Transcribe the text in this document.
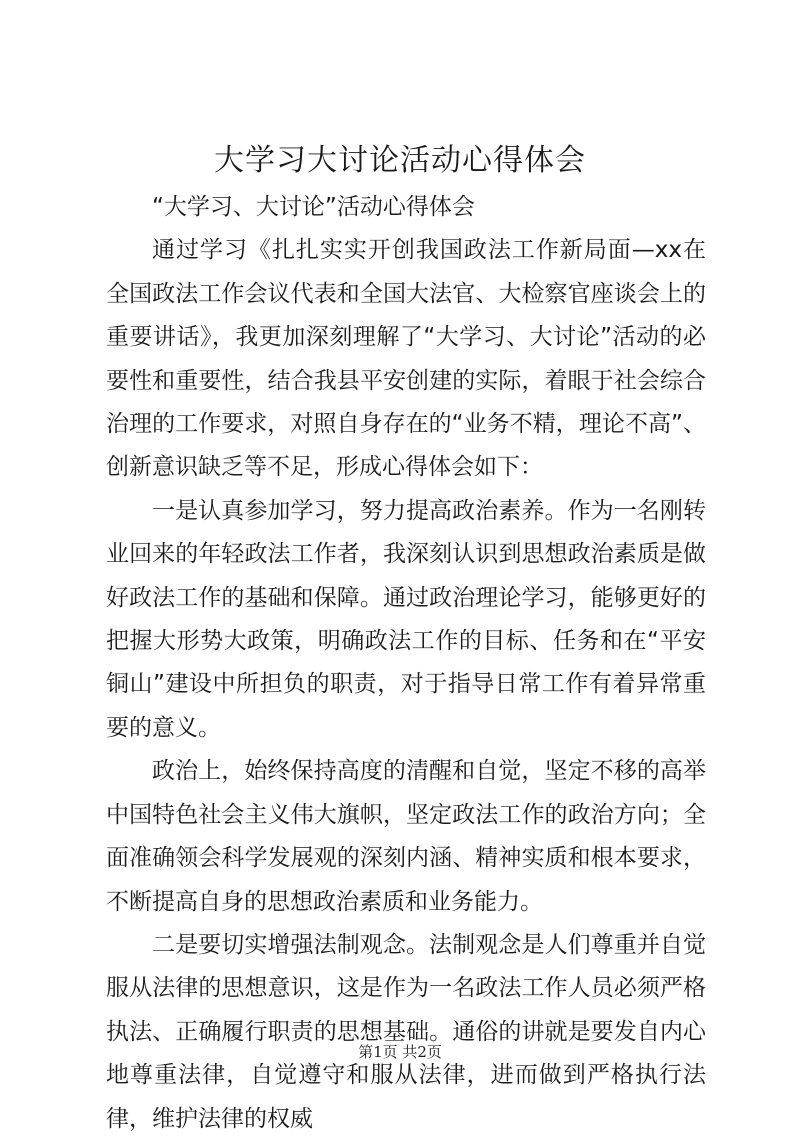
大学习大讨论活动心得体会

“大学习、大讨论”活动心得体会

通过学习《扎扎实实开创我国政法工作新局面—xx在全国政法工作会议代表和全国大法官、大检察官座谈会上的重要讲话》，我更加深刻理解了“大学习、大讨论”活动的必要性和重要性，结合我县平安创建的实际，着眼于社会综合治理的工作要求，对照自身存在的“业务不精，理论不高”、创新意识缺乏等不足，形成心得体会如下：

一是认真参加学习，努力提高政治素养。作为一名刚转业回来的年轻政法工作者，我深刻认识到思想政治素质是做好政法工作的基础和保障。通过政治理论学习，能够更好的把握大形势大政策，明确政法工作的目标、任务和在“平安铜山”建设中所担负的职责，对于指导日常工作有着异常重要的意义。

政治上，始终保持高度的清醒和自觉，坚定不移的高举中国特色社会主义伟大旗帜，坚定政法工作的政治方向；全面准确领会科学发展观的深刻内涵、精神实质和根本要求，不断提高自身的思想政治素质和业务能力。

二是要切实增强法制观念。法制观念是人们尊重并自觉服从法律的思想意识，这是作为一名政法工作人员必须严格执法、正确履行职责的思想基础。通俗的讲就是要发自内心地尊重法律，自觉遵守和服从法律，进而做到严格执行法律，维护法律的权威

第1页 共2页
